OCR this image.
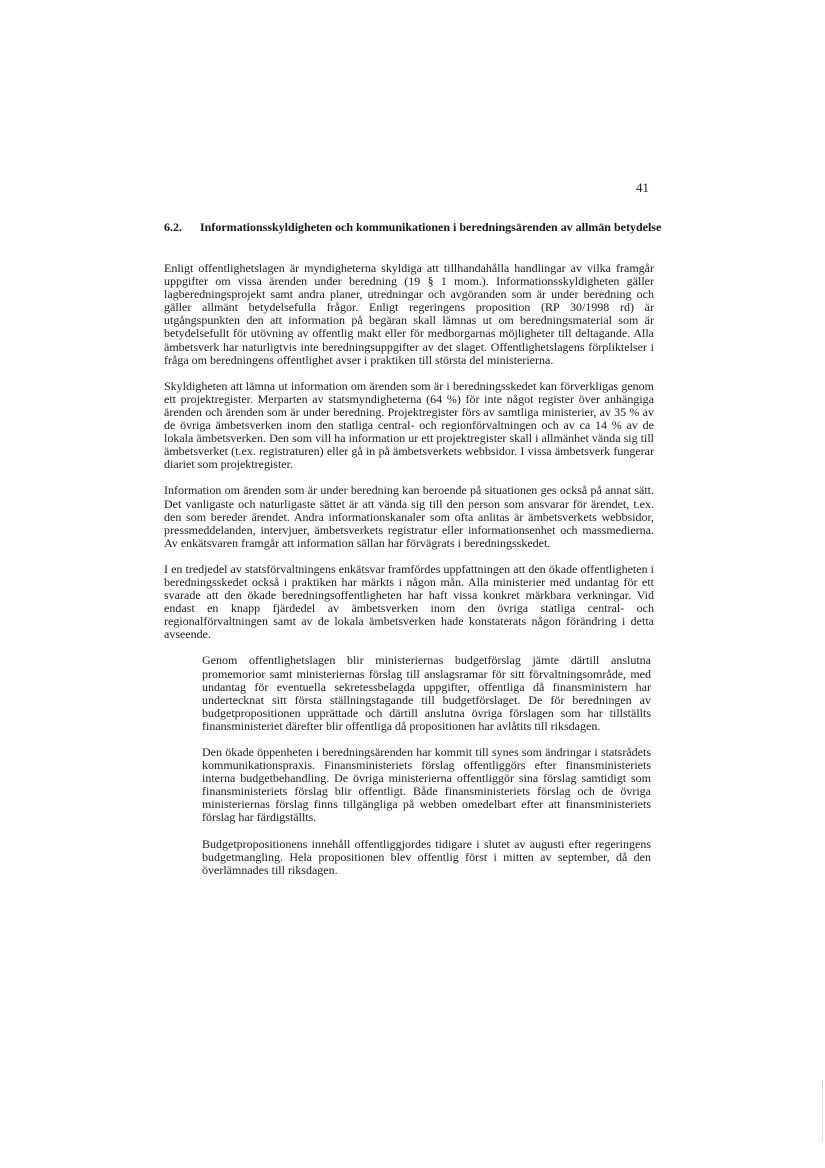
41
6.2.	Informationsskyldigheten och kommunikationen i beredningsärenden av allmän betydelse

Enligt offentlighetslagen är myndigheterna skyldiga att tillhandahålla handlingar av vilka framgår uppgifter om vissa ärenden under beredning (19 § 1 mom.). Informationsskyldigheten gäller lagberedningsprojekt samt andra planer, utredningar och avgöranden som är under beredning och gäller allmänt betydelsefulla frågor. Enligt regeringens proposition (RP 30/1998 rd) är utgångspunkten den att information på begäran skall lämnas ut om beredningsmaterial som är betydelsefullt för utövning av offentlig makt eller för medborgarnas möjligheter till deltagande. Alla ämbetsverk har naturligtvis inte beredningsuppgifter av det slaget. Offentlighetslagens förpliktelser i fråga om beredningens offentlighet avser i praktiken till största del ministerierna.

Skyldigheten att lämna ut information om ärenden som är i beredningsskedet kan förverkligas genom ett projektregister. Merparten av statsmyndigheterna (64 %) för inte något register över anhängiga ärenden och ärenden som är under beredning. Projektregister förs av samtliga ministerier, av 35 % av de övriga ämbetsverken inom den statliga central- och regionförvaltningen och av ca 14 % av de lokala ämbetsverken. Den som vill ha information ur ett projektregister skall i allmänhet vända sig till ämbetsverket (t.ex. registraturen) eller gå in på ämbetsverkets webbsidor. I vissa ämbetsverk fungerar diariet som projektregister.

Information om ärenden som är under beredning kan beroende på situationen ges också på annat sätt. Det vanligaste och naturligaste sättet är att vända sig till den person som ansvarar för ärendet, t.ex. den som bereder ärendet. Andra informationskanaler som ofta anlitas är ämbetsverkets webbsidor, pressmeddelanden, intervjuer, ämbetsverkets registratur eller informationsenhet och massmedierna. Av enkätsvaren framgår att information sällan har förvägrats i beredningsskedet.

I en tredjedel av statsförvaltningens enkätsvar framfördes uppfattningen att den ökade offentligheten i beredningsskedet också i praktiken har märkts i någon mån. Alla ministerier med undantag för ett svarade att den ökade beredningsoffentligheten har haft vissa konkret märkbara verkningar. Vid endast en knapp fjärdedel av ämbetsverken inom den övriga statliga central- och regionalförvaltningen samt av de lokala ämbetsverken hade konstaterats någon förändring i detta avseende.

Genom offentlighetslagen blir ministeriernas budgetförslag jämte därtill anslutna promemorior samt ministeriernas förslag till anslagsramar för sitt förvaltningsområde, med undantag för eventuella sekretessbelagda uppgifter, offentliga då finansministern har undertecknat sitt första ställningstagande till budgetförslaget. De för beredningen av budgetpropositionen upprättade och därtill anslutna övriga förslagen som har tillställts finansministeriet därefter blir offentliga då propositionen har avlåtits till riksdagen.

Den ökade öppenheten i beredningsärenden har kommit till synes som ändringar i statsrådets kommunikationspraxis. Finansministeriets förslag offentliggörs efter finansministeriets interna budgetbehandling. De övriga ministerierna offentliggör sina förslag samtidigt som finansministeriets förslag blir offentligt. Både finansministeriets förslag och de övriga ministeriernas förslag finns tillgängliga på webben omedelbart efter att finansministeriets förslag har färdigställts.

Budgetpropositionens innehåll offentliggjordes tidigare i slutet av augusti efter regeringens budgetmangling. Hela propositionen blev offentlig först i mitten av september, då den överlämnades till riksdagen.
